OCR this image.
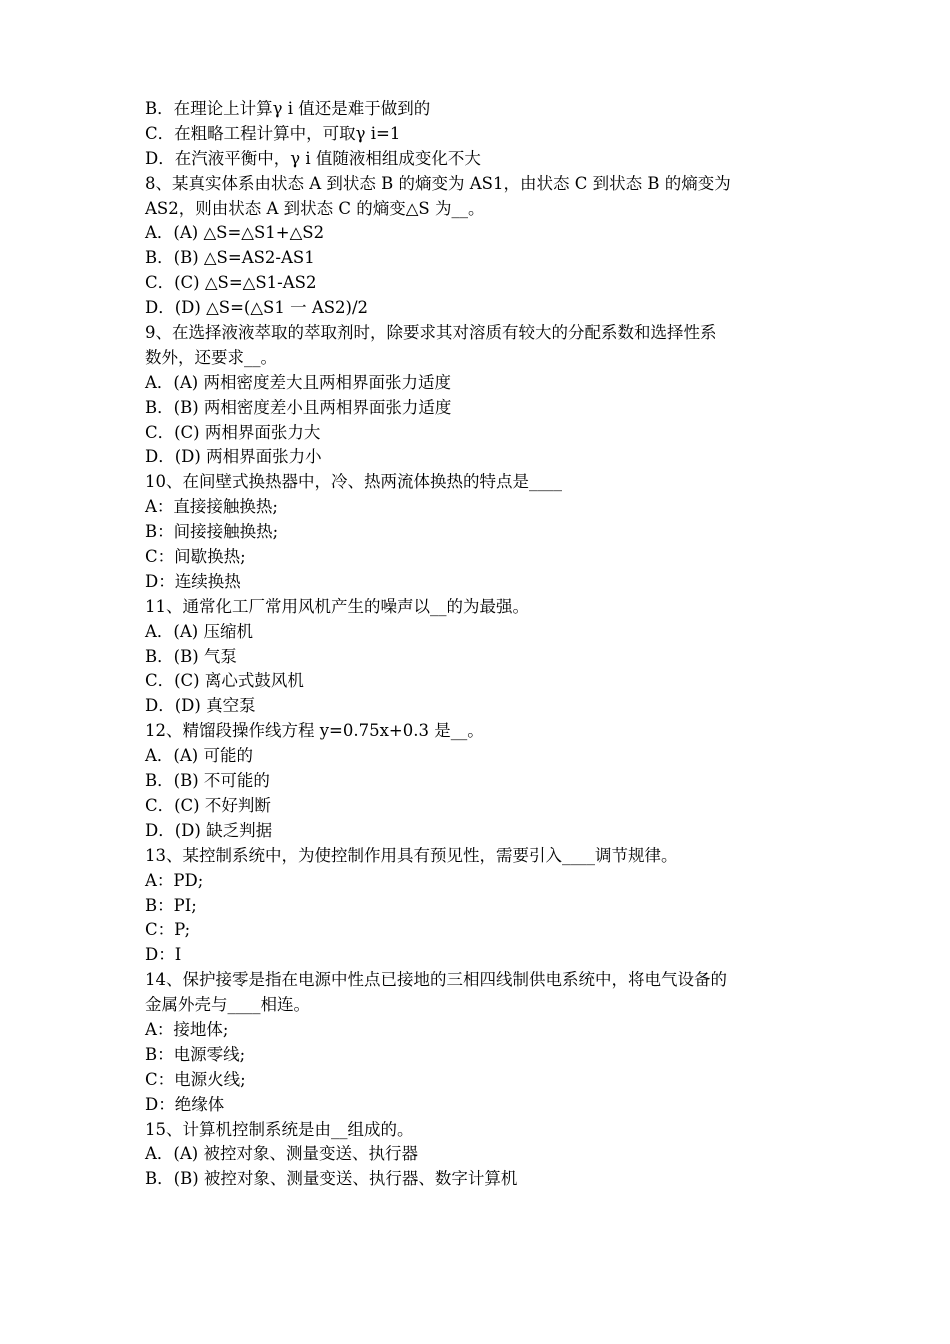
B．在理论上计算γ i 值还是难于做到的
C．在粗略工程计算中，可取γ i=1
D．在汽液平衡中，γ i 值随液相组成变化不大
8、某真实体系由状态 A 到状态 B 的熵变为 AS1，由状态 C 到状态 B 的熵变为
AS2，则由状态 A 到状态 C 的熵变△S 为__。
A．(A) △S=△S1+△S2
B．(B) △S=AS2-AS1
C．(C) △S=△S1-AS2
D．(D) △S=(△S1 一 AS2)/2
9、在选择液液萃取的萃取剂时，除要求其对溶质有较大的分配系数和选择性系
数外，还要求__。
A．(A) 两相密度差大且两相界面张力适度
B．(B) 两相密度差小且两相界面张力适度
C．(C) 两相界面张力大
D．(D) 两相界面张力小
10、在间壁式换热器中，冷、热两流体换热的特点是____
A：直接接触换热;
B：间接接触换热;
C：间歇换热;
D：连续换热
11、通常化工厂常用风机产生的噪声以__的为最强。
A．(A) 压缩机
B．(B) 气泵
C．(C) 离心式鼓风机
D．(D) 真空泵
12、精馏段操作线方程 y=0.75x+0.3 是__。
A．(A) 可能的
B．(B) 不可能的
C．(C) 不好判断
D．(D) 缺乏判据
13、某控制系统中，为使控制作用具有预见性，需要引入____调节规律。
A：PD;
B：PI;
C：P;
D：I
14、保护接零是指在电源中性点已接地的三相四线制供电系统中，将电气设备的
金属外壳与____相连。
A：接地体;
B：电源零线;
C：电源火线;
D：绝缘体
15、计算机控制系统是由__组成的。
A．(A) 被控对象、测量变送、执行器
B．(B) 被控对象、测量变送、执行器、数字计算机
